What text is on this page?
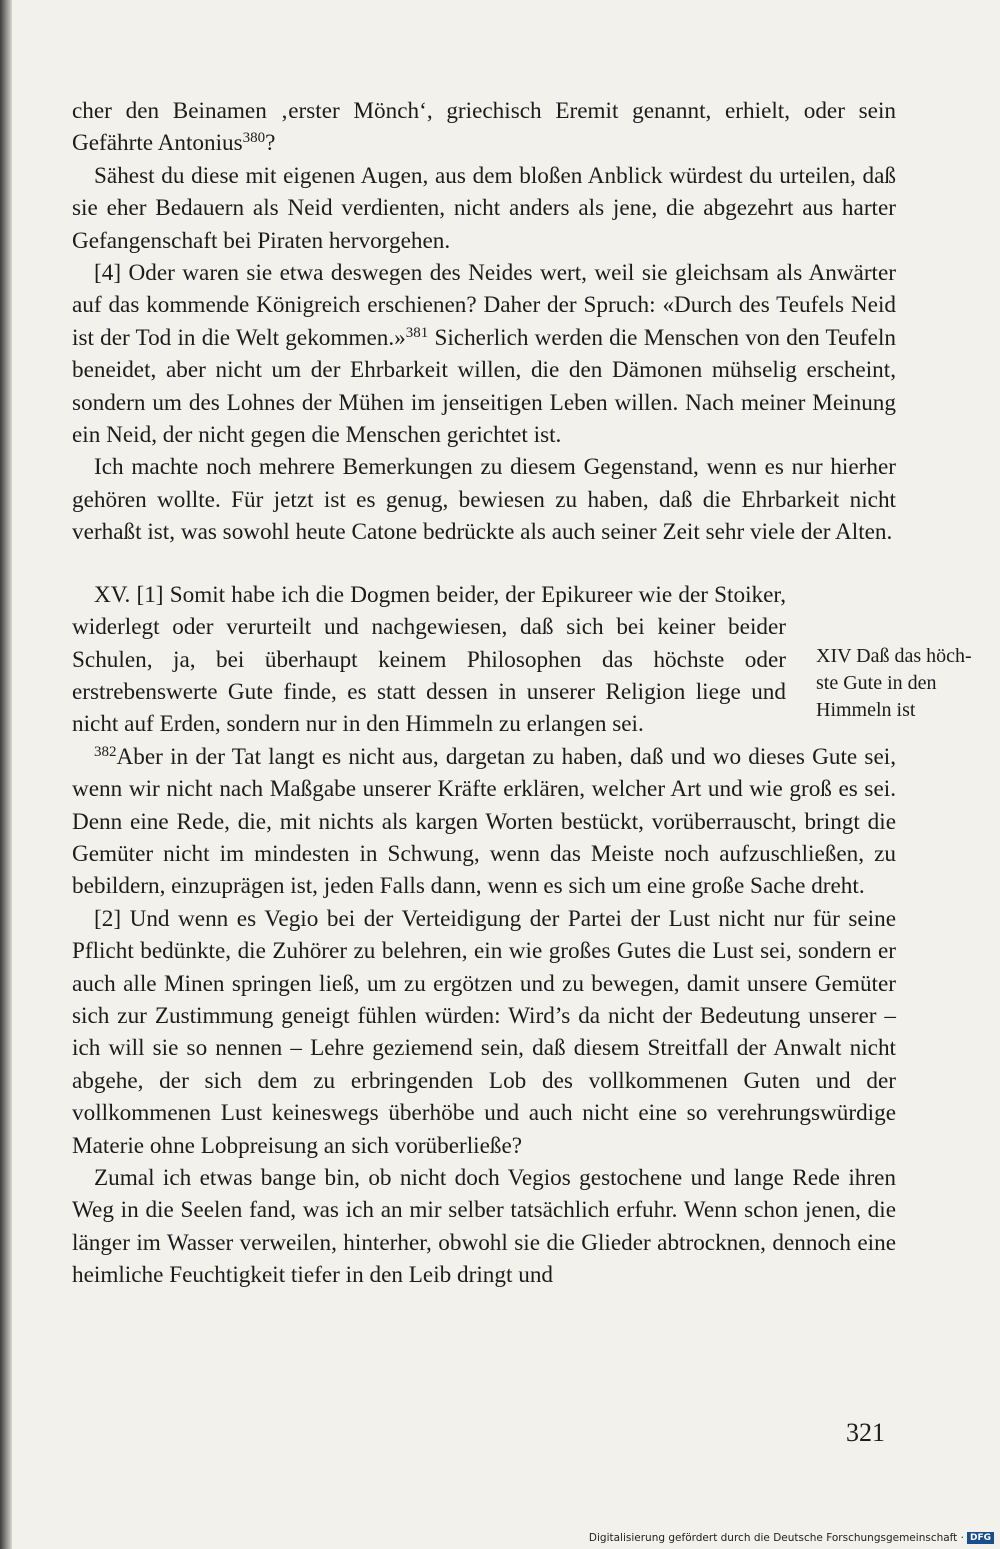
cher den Beinamen ‚erster Mönch‘, griechisch Eremit genannt, erhielt, oder sein Gefährte Antonius$^{380}$?

Sähest du diese mit eigenen Augen, aus dem bloßen Anblick würdest du urteilen, daß sie eher Bedauern als Neid verdienten, nicht anders als jene, die abgezehrt aus harter Gefangenschaft bei Piraten hervorgehen.

[4] Oder waren sie etwa deswegen des Neides wert, weil sie gleichsam als Anwärter auf das kommende Königreich erschienen? Daher der Spruch: «Durch des Teufels Neid ist der Tod in die Welt gekommen.»$^{381}$ Sicherlich werden die Menschen von den Teufeln beneidet, aber nicht um der Ehrbarkeit willen, die den Dämonen mühselig erscheint, sondern um des Lohnes der Mühen im jenseitigen Leben willen. Nach meiner Meinung ein Neid, der nicht gegen die Menschen gerichtet ist.

Ich machte noch mehrere Bemerkungen zu diesem Gegenstand, wenn es nur hierher gehören wollte. Für jetzt ist es genug, bewiesen zu haben, daß die Ehrbarkeit nicht verhaßt ist, was sowohl heute Catone bedrückte als auch seiner Zeit sehr viele der Alten.

XV. [1] Somit habe ich die Dogmen beider, der Epikureer wie der Stoiker, widerlegt oder verurteilt und nachgewiesen, daß sich bei keiner beider Schulen, ja, bei überhaupt keinem Philosophen das höchste oder erstrebenswerte Gute finde, es statt dessen in unserer Religion liege und nicht auf Erden, sondern nur in den Himmeln zu erlangen sei.

$^{382}$Aber in der Tat langt es nicht aus, dargetan zu haben, daß und wo dieses Gute sei, wenn wir nicht nach Maßgabe unserer Kräfte erklären, welcher Art und wie groß es sei. Denn eine Rede, die, mit nichts als kargen Worten bestückt, vorüberrauscht, bringt die Gemüter nicht im mindesten in Schwung, wenn das Meiste noch aufzuschließen, zu bebildern, einzuprägen ist, jeden Falls dann, wenn es sich um eine große Sache dreht.

[2] Und wenn es Vegio bei der Verteidigung der Partei der Lust nicht nur für seine Pflicht bedünkte, die Zuhörer zu belehren, ein wie großes Gutes die Lust sei, sondern er auch alle Minen springen ließ, um zu ergötzen und zu bewegen, damit unsere Gemüter sich zur Zustimmung geneigt fühlen würden: Wird’s da nicht der Bedeutung unserer – ich will sie so nennen – Lehre geziemend sein, daß diesem Streitfall der Anwalt nicht abgehe, der sich dem zu erbringenden Lob des vollkommenen Guten und der vollkommenen Lust keineswegs überhöbe und auch nicht eine so verehrungswürdige Materie ohne Lobpreisung an sich vorüberließe?

Zumal ich etwas bange bin, ob nicht doch Vegios gestochene und lange Rede ihren Weg in die Seelen fand, was ich an mir selber tatsächlich erfuhr. Wenn schon jenen, die länger im Wasser verweilen, hinterher, obwohl sie die Glieder abtrocknen, dennoch eine heimliche Feuchtigkeit tiefer in den Leib dringt und

XIV Daß das höch-
ste Gute in den
Himmeln ist
321
Digitalisierung gefördert durch die Deutsche Forschungsgemeinschaft · DFG
